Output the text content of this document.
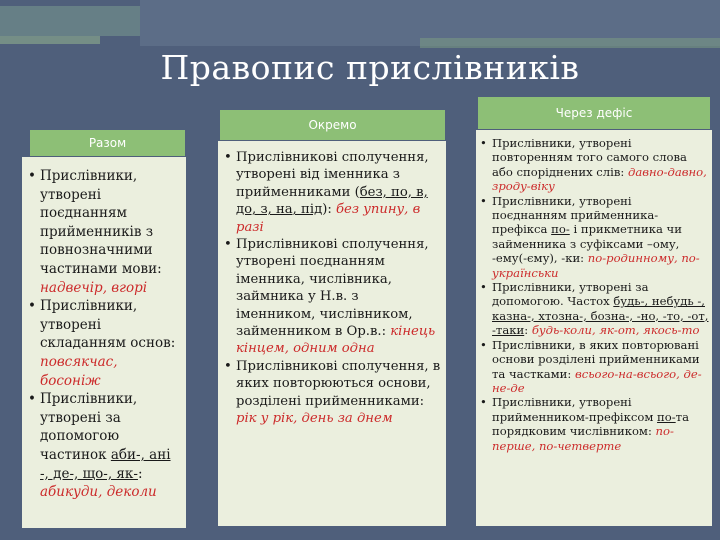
Правопис прислівників
Разом
• Прислівники, утворені поєднанням прийменників з повнозначними частинами мови: надвечір, вгорі
• Прислівники, утворені складанням основ: повсякчас, босоніж
• Прислівники, утворені за допомогою частинок аби-, ані -, де-, що-, як-: абикуди, деколи
Окремо
• Прислівникові сполучення, утворені від іменника з прийменниками (без, по, в, до, з, на, під): без упину, в разі
• Прислівникові сполучення, утворені поєднанням іменника, числівника, займника у Н.в. з іменником, числівником, займенником в Ор.в.: кінець кінцем, одним одна
• Прислівникові сполучення, в яких повторюються основи, розділені прийменниками: рік у рік, день за днем
Через дефіс
• Прислівники, утворені повторенням того самого слова або споріднених слів: давно-давно, зроду-віку
• Прислівники, утворені поєднанням прийменника-префікса по- і прикметника чи займенника з суфіксами –ому, -ему(-єму), -ки: по-родинному, по-українськи
• Прислівники, утворені за допомогою. Частох будь-, небудь -, казна-, хтозна-, бозна-, -но, -то, -от, -таки: будь-коли, як-от, якось-то
• Прислівники, в яких повторювані основи розділені прийменниками та частками: всього-на-всього, де-не-де
• Прислівники, утворені прийменником-префіксом по-та порядковим числівником: по-перше, по-четверте
